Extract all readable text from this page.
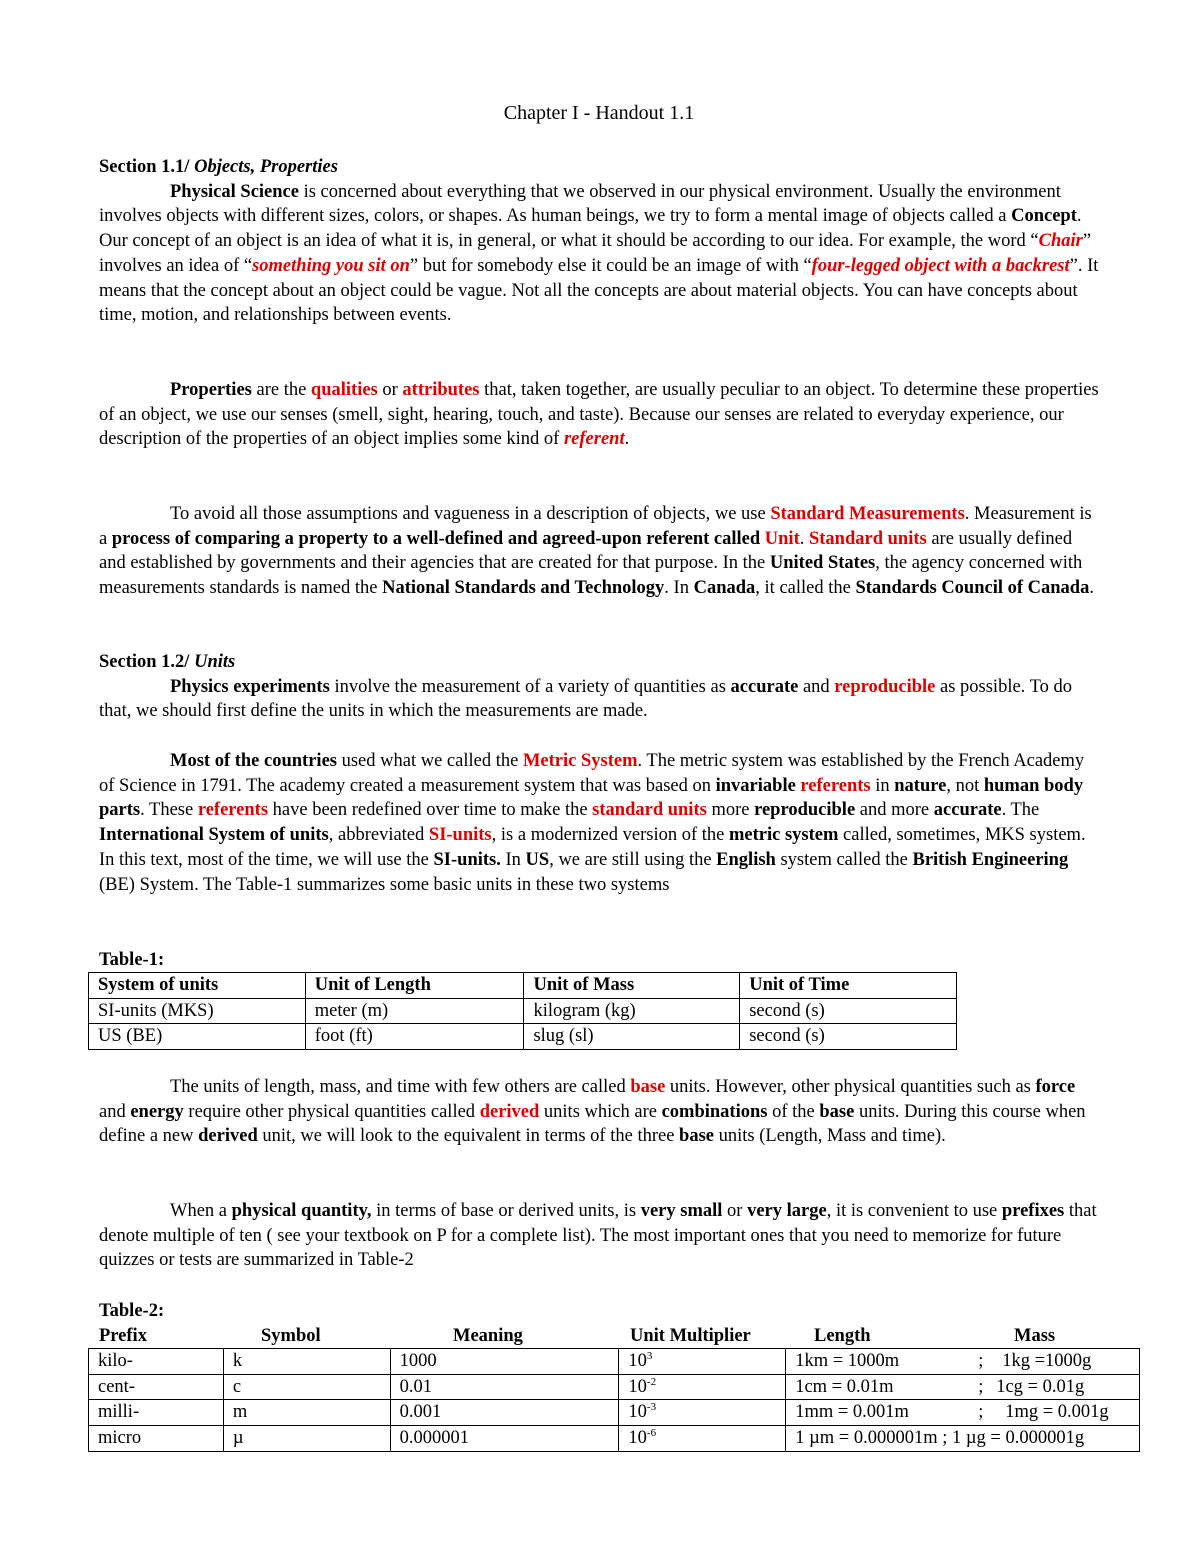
Chapter I - Handout 1.1

Section 1.1/ Objects, Properties

Physical Science is concerned about everything that we observed in our physical environment. Usually the environment involves objects with different sizes, colors, or shapes. As human beings, we try to form a mental image of objects called a Concept. Our concept of an object is an idea of what it is, in general, or what it should be according to our idea. For example, the word “Chair” involves an idea of “something you sit on” but for somebody else it could be an image of with “four-legged object with a backrest”. It means that the concept about an object could be vague. Not all the concepts are about material objects. You can have concepts about time, motion, and relationships between events.

Properties are the qualities or attributes that, taken together, are usually peculiar to an object. To determine these properties of an object, we use our senses (smell, sight, hearing, touch, and taste). Because our senses are related to everyday experience, our description of the properties of an object implies some kind of referent.

To avoid all those assumptions and vagueness in a description of objects, we use Standard Measurements. Measurement is a process of comparing a property to a well-defined and agreed-upon referent called Unit. Standard units are usually defined and established by governments and their agencies that are created for that purpose. In the United States, the agency concerned with measurements standards is named the National Standards and Technology. In Canada, it called the Standards Council of Canada.

Section 1.2/ Units

Physics experiments involve the measurement of a variety of quantities as accurate and reproducible as possible. To do that, we should first define the units in which the measurements are made.

Most of the countries used what we called the Metric System. The metric system was established by the French Academy of Science in 1791. The academy created a measurement system that was based on invariable referents in nature, not human body parts. These referents have been redefined over time to make the standard units more reproducible and more accurate. The International System of units, abbreviated SI-units, is a modernized version of the metric system called, sometimes, MKS system. In this text, most of the time, we will use the SI-units. In US, we are still using the English system called the British Engineering (BE) System. The Table-1 summarizes some basic units in these two systems

Table-1:
System of units	Unit of Length	Unit of Mass	Unit of Time
SI-units (MKS)	meter (m)	kilogram (kg)	second (s)
US (BE)	foot (ft)	slug (sl)	second (s)

The units of length, mass, and time with few others are called base units. However, other physical quantities such as force and energy require other physical quantities called derived units which are combinations of the base units. During this course when define a new derived unit, we will look to the equivalent in terms of the three base units (Length, Mass and time).

When a physical quantity, in terms of base or derived units, is very small or very large, it is convenient to use prefixes that denote multiple of ten ( see your textbook on P for a complete list). The most important ones that you need to memorize for future quizzes or tests are summarized in Table-2

Table-2:
Prefix	Symbol	Meaning	Unit Multiplier	Length	Mass
kilo-	k	1000	$10^3$	1km = 1000m ; 1kg =1000g
cent-	c	0.01	$10^{-2}$	1cm = 0.01m ; 1cg = 0.01g
milli-	m	0.001	$10^{-3}$	1mm = 0.001m ; 1mg = 0.001g
micro	µ	0.000001	$10^{-6}$	1 µm = 0.000001m ; 1 µg = 0.000001g
